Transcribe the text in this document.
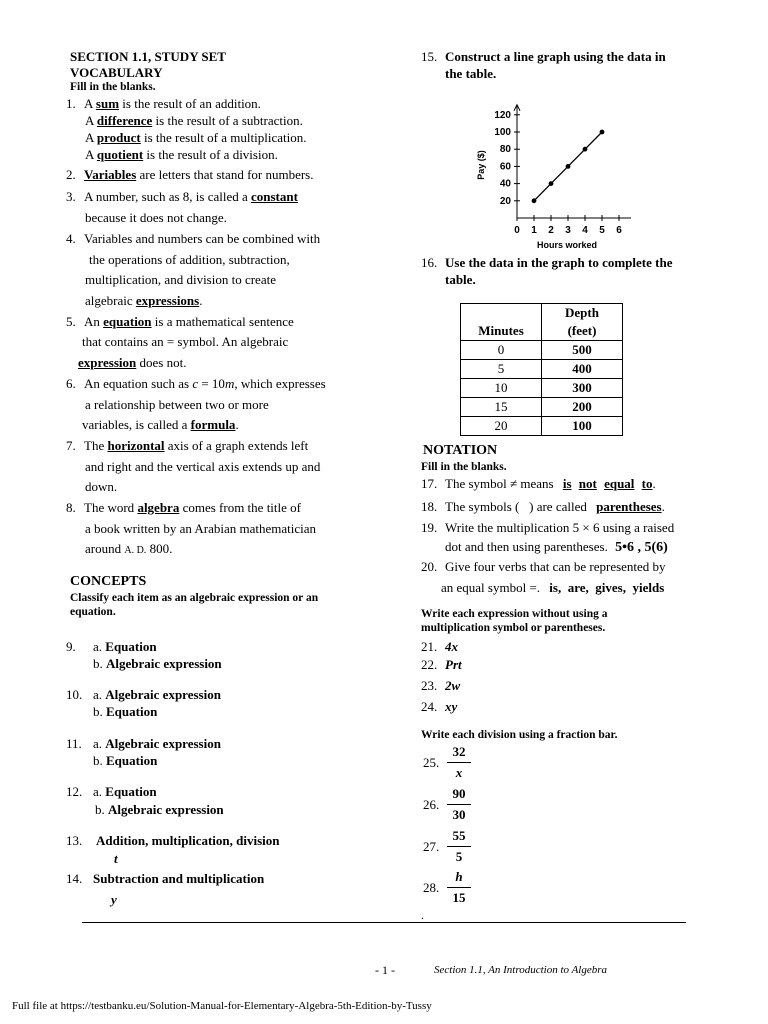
SECTION 1.1, STUDY SET
VOCABULARY
Fill in the blanks.
1. A sum is the result of an addition.
A difference is the result of a subtraction.
A product is the result of a multiplication.
A quotient is the result of a division.
2. Variables are letters that stand for numbers.
3. A number, such as 8, is called a constant
because it does not change.
4. Variables and numbers can be combined with
the operations of addition, subtraction,
multiplication, and division to create
algebraic expressions.
5. An equation is a mathematical sentence
that contains an = symbol. An algebraic
expression does not.
6. An equation such as c = 10m, which expresses
a relationship between two or more
variables, is called a formula.
7. The horizontal axis of a graph extends left
and right and the vertical axis extends up and
down.
8. The word algebra comes from the title of
a book written by an Arabian mathematician
around A. D. 800.
CONCEPTS
Classify each item as an algebraic expression or an equation.
9. a. Equation
b. Algebraic expression
10. a. Algebraic expression
b. Equation
11. a. Algebraic expression
b. Equation
12. a. Equation
b. Algebraic expression
13. Addition, multiplication, division
t
14. Subtraction and multiplication
y
15. Construct a line graph using the data in
the table.
Pay ($)
Hours worked
0 1 2 3 4 5 6
20
40
60
80
100
120
16. Use the data in the graph to complete the
table.
Minutes	Depth
(feet)
0	500
5	400
10	300
15	200
20	100
NOTATION
Fill in the blanks.
17. The symbol ≠ means is not equal to.
18. The symbols (   ) are called parentheses.
19. Write the multiplication 5 × 6 using a raised
dot and then using parentheses. 5•6 , 5(6)
20. Give four verbs that can be represented by
an equal symbol =. is,  are,  gives,  yields
Write each expression without using a multiplication symbol or parentheses.
21. 4x
22. Prt
23. 2w
24. xy
Write each division using a fraction bar.
25. $\frac{32}{x}$
26. $\frac{90}{30}$
27. $\frac{55}{5}$
28. $\frac{h}{15}$
.
- 1 -	Section 1.1, An Introduction to Algebra
Full file at https://testbanku.eu/Solution-Manual-for-Elementary-Algebra-5th-Edition-by-Tussy
